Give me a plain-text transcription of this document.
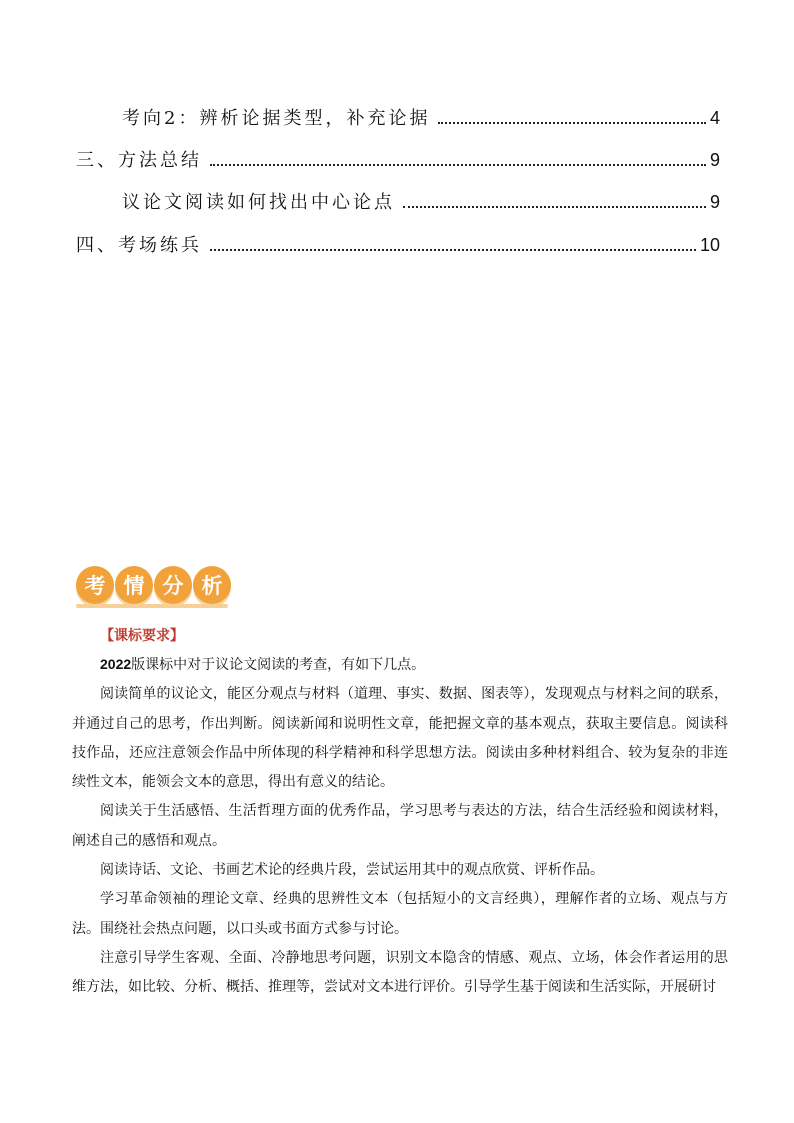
考向2：辨析论据类型，补充论据	4
三、方法总结	9
议论文阅读如何找出中心论点	9
四、考场练兵	10
考 情 分 析
【课标要求】

2022版课标中对于议论文阅读的考查，有如下几点。

阅读简单的议论文，能区分观点与材料（道理、事实、数据、图表等），发现观点与材料之间的联系，并通过自己的思考，作出判断。阅读新闻和说明性文章，能把握文章的基本观点，获取主要信息。阅读科技作品，还应注意领会作品中所体现的科学精神和科学思想方法。阅读由多种材料组合、较为复杂的非连续性文本，能领会文本的意思，得出有意义的结论。

阅读关于生活感悟、生活哲理方面的优秀作品，学习思考与表达的方法，结合生活经验和阅读材料，阐述自己的感悟和观点。

阅读诗话、文论、书画艺术论的经典片段，尝试运用其中的观点欣赏、评析作品。

学习革命领袖的理论文章、经典的思辨性文本（包括短小的文言经典），理解作者的立场、观点与方法。围绕社会热点问题，以口头或书面方式参与讨论。

注意引导学生客观、全面、冷静地思考问题，识别文本隐含的情感、观点、立场，体会作者运用的思维方法，如比较、分析、概括、推理等，尝试对文本进行评价。引导学生基于阅读和生活实际，开展研讨
